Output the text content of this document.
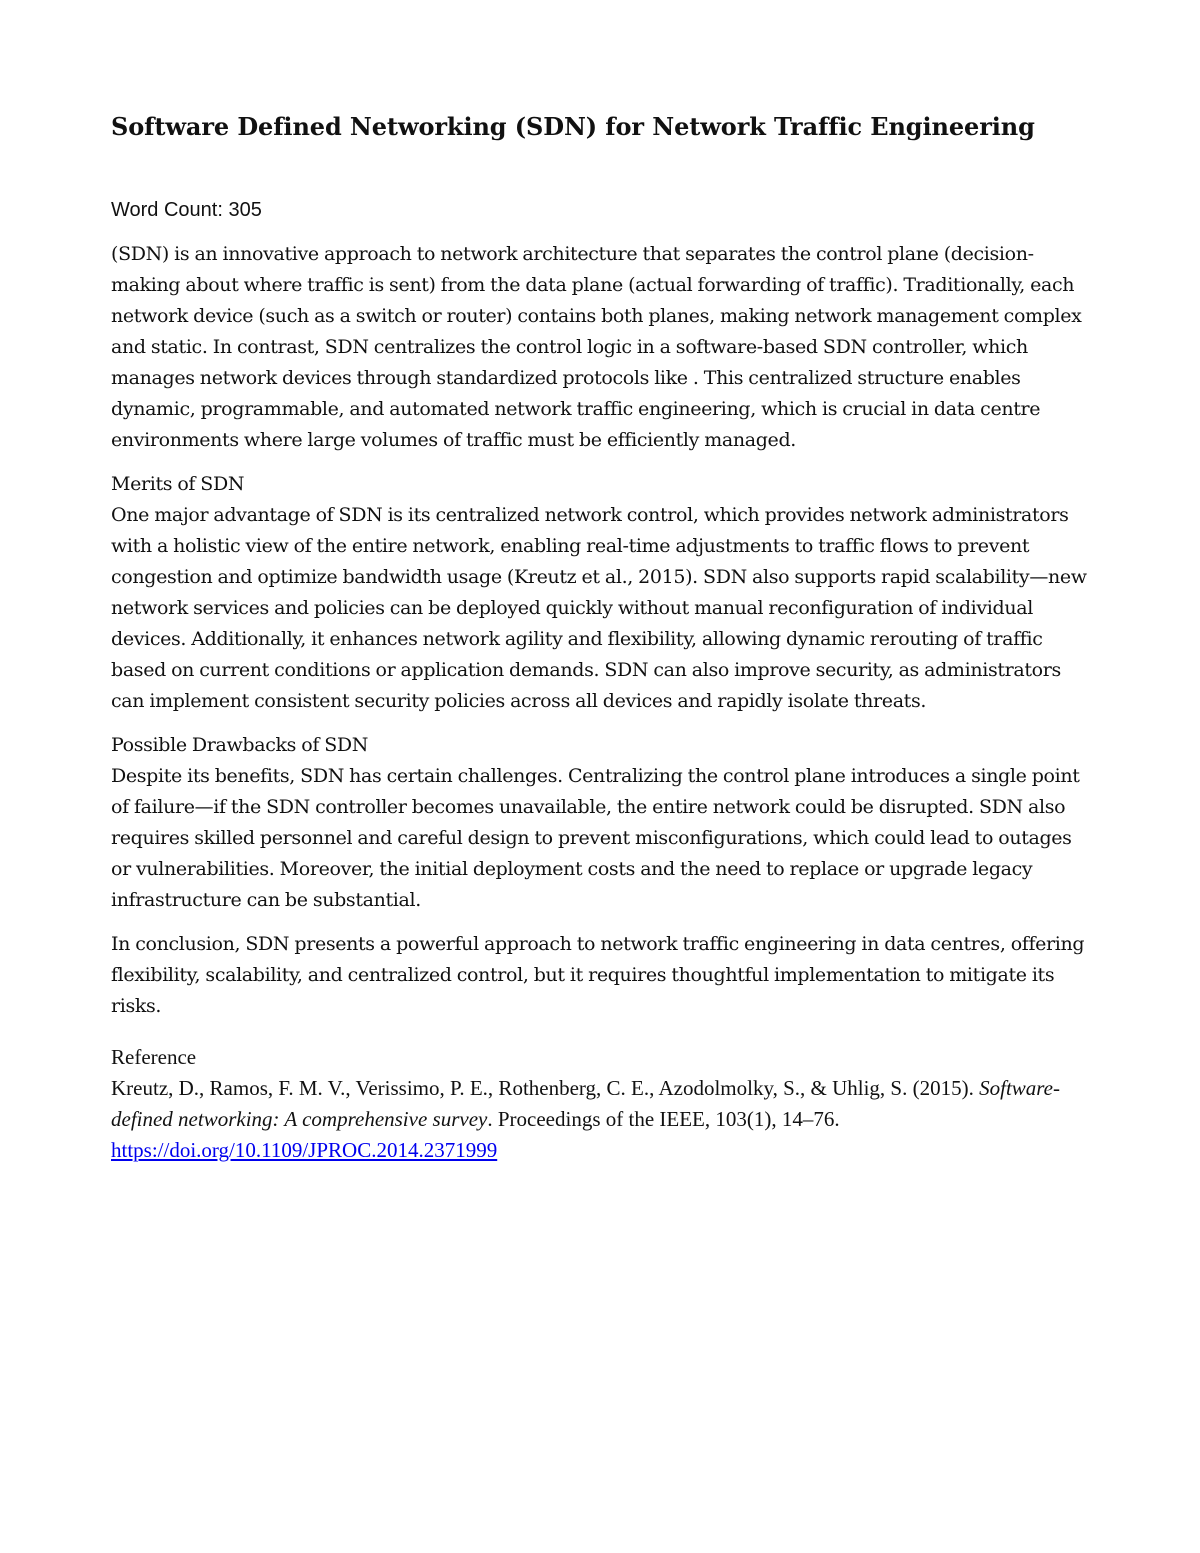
Software Defined Networking (SDN) for Network Traffic Engineering

Word Count: 305

(SDN) is an innovative approach to network architecture that separates the control plane (decision-making about where traffic is sent) from the data plane (actual forwarding of traffic). Traditionally, each network device (such as a switch or router) contains both planes, making network management complex and static. In contrast, SDN centralizes the control logic in a software-based SDN controller, which manages network devices through standardized protocols like . This centralized structure enables dynamic, programmable, and automated network traffic engineering, which is crucial in data centre environments where large volumes of traffic must be efficiently managed.

Merits of SDN

One major advantage of SDN is its centralized network control, which provides network administrators with a holistic view of the entire network, enabling real-time adjustments to traffic flows to prevent congestion and optimize bandwidth usage (Kreutz et al., 2015). SDN also supports rapid scalability—new network services and policies can be deployed quickly without manual reconfiguration of individual devices. Additionally, it enhances network agility and flexibility, allowing dynamic rerouting of traffic based on current conditions or application demands. SDN can also improve security, as administrators can implement consistent security policies across all devices and rapidly isolate threats.

Possible Drawbacks of SDN

Despite its benefits, SDN has certain challenges. Centralizing the control plane introduces a single point of failure—if the SDN controller becomes unavailable, the entire network could be disrupted. SDN also requires skilled personnel and careful design to prevent misconfigurations, which could lead to outages or vulnerabilities. Moreover, the initial deployment costs and the need to replace or upgrade legacy infrastructure can be substantial.

In conclusion, SDN presents a powerful approach to network traffic engineering in data centres, offering flexibility, scalability, and centralized control, but it requires thoughtful implementation to mitigate its risks.

Reference
Kreutz, D., Ramos, F. M. V., Verissimo, P. E., Rothenberg, C. E., Azodolmolky, S., & Uhlig, S. (2015). Software-defined networking: A comprehensive survey. Proceedings of the IEEE, 103(1), 14–76.
https://doi.org/10.1109/JPROC.2014.2371999
